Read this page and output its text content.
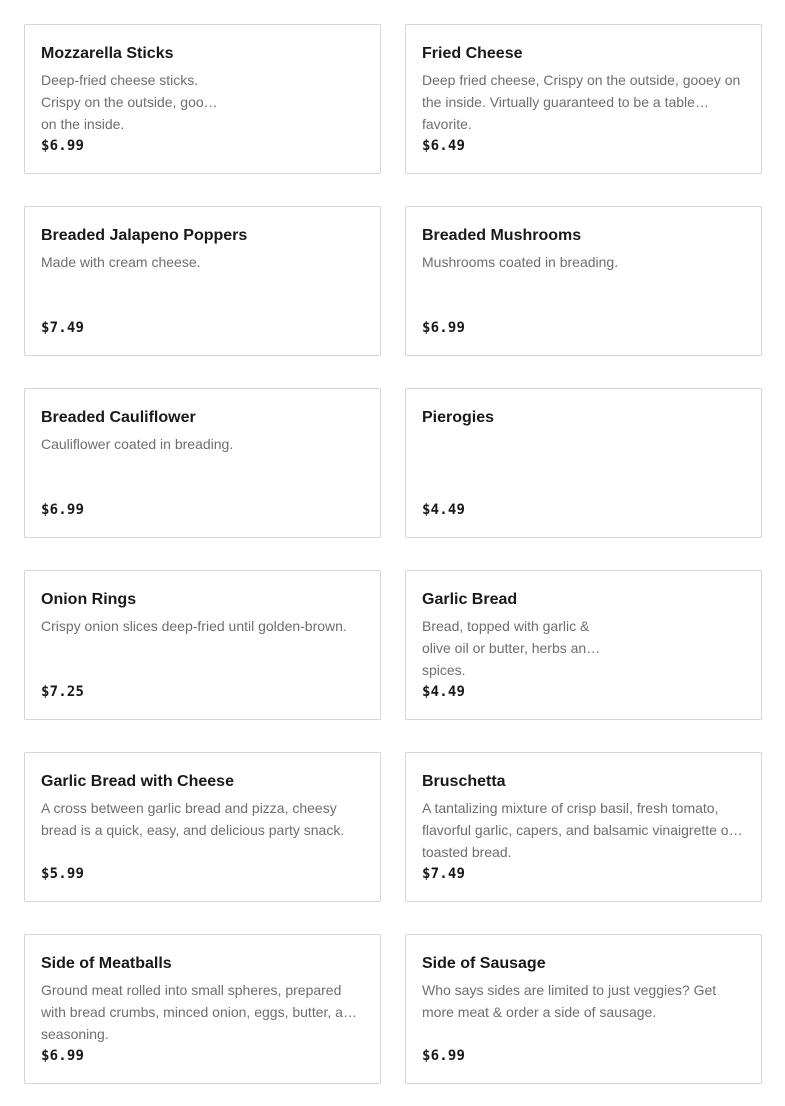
Mozzarella Sticks
Deep-fried cheese sticks. Crispy on the outside, gooey on the inside.
$6.99
Fried Cheese
Deep fried cheese, Crispy on the outside, gooey on the inside. Virtually guaranteed to be a table favorite.
$6.49
Breaded Jalapeno Poppers
Made with cream cheese.
$7.49
Breaded Mushrooms
Mushrooms coated in breading.
$6.99
Breaded Cauliflower
Cauliflower coated in breading.
$6.99
Pierogies
$4.49
Onion Rings
Crispy onion slices deep-fried until golden-brown.
$7.25
Garlic Bread
Bread, topped with garlic & olive oil or butter, herbs and spices.
$4.49
Garlic Bread with Cheese
A cross between garlic bread and pizza, cheesy bread is a quick, easy, and delicious party snack.
$5.99
Bruschetta
A tantalizing mixture of crisp basil, fresh tomato, flavorful garlic, capers, and balsamic vinaigrette on toasted bread.
$7.49
Side of Meatballs
Ground meat rolled into small spheres, prepared with bread crumbs, minced onion, eggs, butter, and seasoning.
$6.99
Side of Sausage
Who says sides are limited to just veggies? Get more meat & order a side of sausage.
$6.99
